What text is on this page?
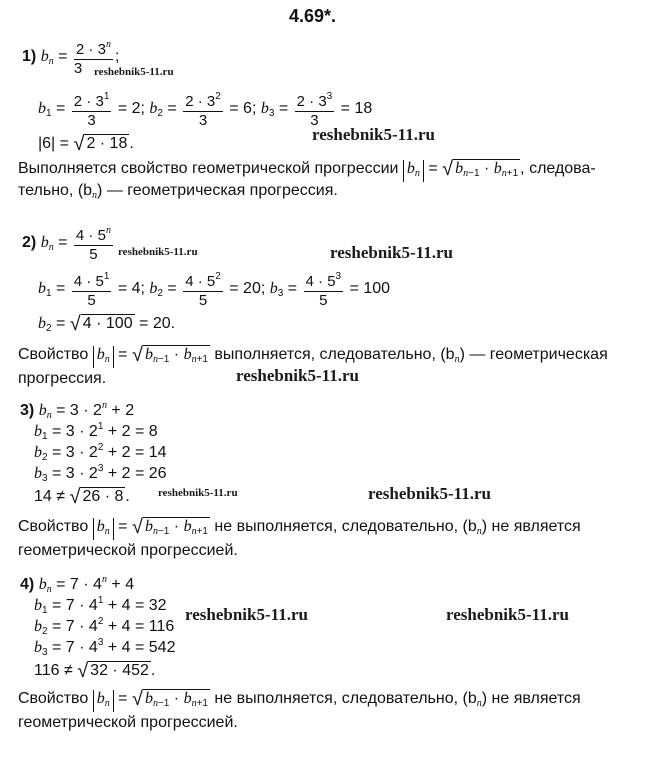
4.69*.
1) $b_n = \frac{2 \cdot 3^n}{3}$ ;
reshebnik5-11.ru
$b_1 = \frac{2 \cdot 3^1}{3} = 2$; $b_2 = \frac{2 \cdot 3^2}{3} = 6$; $b_3 = \frac{2 \cdot 3^3}{3} = 18$
|6| = √ 2 · 18 .	reshebnik5-11.ru
Выполняется свойство геометрической прогрессии $b_n$ = √ $b_{n-1} \cdot b_{n+1}$ , следова-
тельно, $(b_n)$ — геометрическая прогрессия.
2) $b_n = \frac{4 \cdot 5^n}{5}$ reshebnik5-11.ru	reshebnik5-11.ru
$b_1 = \frac{4 \cdot 5^1}{5} = 4$; $b_2 = \frac{4 \cdot 5^2}{5} = 20$; $b_3 = \frac{4 \cdot 5^3}{5} = 100$
$b_2$ = √ 4 · 100 = 20.
Свойство $b_n$ = √ $b_{n-1} \cdot b_{n+1}$ выполняется, следовательно, $(b_n)$ — геометрическая
прогрессия.	reshebnik5-11.ru
3) $b_n = 3 \cdot 2^n + 2$
$b_1 = 3 \cdot 2^1 + 2 = 8$
$b_2 = 3 \cdot 2^2 + 2 = 14$
$b_3 = 3 \cdot 2^3 + 2 = 26$
14 ≠ √ 26 · 8 .	reshebnik5-11.ru	reshebnik5-11.ru
Свойство $b_n$ = √ $b_{n-1} \cdot b_{n+1}$ не выполняется, следовательно, $(b_n)$ не является
геометрической прогрессией.
4) $b_n = 7 \cdot 4^n + 4$
$b_1 = 7 \cdot 4^1 + 4 = 32$
$b_2 = 7 \cdot 4^2 + 4 = 116$
$b_3 = 7 \cdot 4^3 + 4 = 542$
116 ≠ √ 32 · 452 .
reshebnik5-11.ru	reshebnik5-11.ru
Свойство $b_n$ = √ $b_{n-1} \cdot b_{n+1}$ не выполняется, следовательно, $(b_n)$ не является
геометрической прогрессией.
